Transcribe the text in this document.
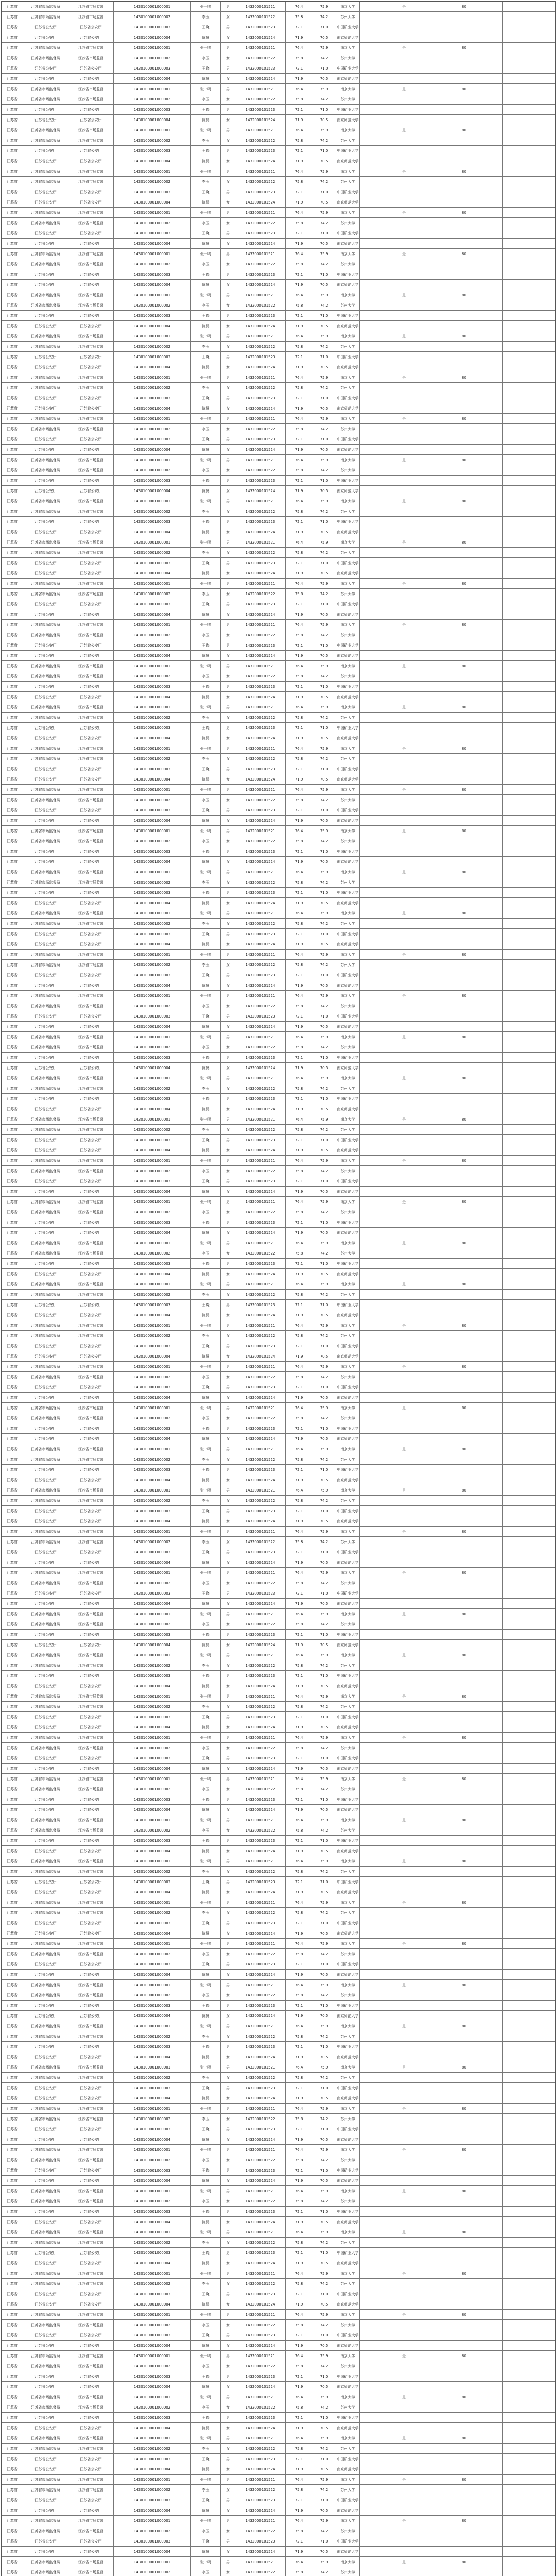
江苏省	江苏省市场监督局	江苏省市场监督	1430100001000001	张一鸣	男	1432000101521	76.4	75.9	南京大学	是	80
江苏省	江苏省市场监督局	江苏省市场监督	1430100001000002	李玉	女	1432000101522	75.8	74.2	苏州大学
江苏省	江苏省公安厅	江苏省公安厅	1430100001000003	王晓	男	1432000101523	72.1	71.0	中国矿业大学
江苏省	江苏省公安厅	江苏省公安厅	1430100001000004	陈晨	女	1432000101524	71.9	70.5	南京师范大学
江苏省	江苏省市场监督局	江苏省市场监督	1430100001000001	张一鸣	男	1432000101521	76.4	75.9	南京大学	是	80
江苏省	江苏省市场监督局	江苏省市场监督	1430100001000002	李玉	女	1432000101522	75.8	74.2	苏州大学
江苏省	江苏省公安厅	江苏省公安厅	1430100001000003	王晓	男	1432000101523	72.1	71.0	中国矿业大学
江苏省	江苏省公安厅	江苏省公安厅	1430100001000004	陈晨	女	1432000101524	71.9	70.5	南京师范大学
江苏省	江苏省市场监督局	江苏省市场监督	1430100001000001	张一鸣	男	1432000101521	76.4	75.9	南京大学	是	80
江苏省	江苏省市场监督局	江苏省市场监督	1430100001000002	李玉	女	1432000101522	75.8	74.2	苏州大学
江苏省	江苏省公安厅	江苏省公安厅	1430100001000003	王晓	男	1432000101523	72.1	71.0	中国矿业大学
江苏省	江苏省公安厅	江苏省公安厅	1430100001000004	陈晨	女	1432000101524	71.9	70.5	南京师范大学
江苏省	江苏省市场监督局	江苏省市场监督	1430100001000001	张一鸣	男	1432000101521	76.4	75.9	南京大学	是	80
江苏省	江苏省市场监督局	江苏省市场监督	1430100001000002	李玉	女	1432000101522	75.8	74.2	苏州大学
江苏省	江苏省公安厅	江苏省公安厅	1430100001000003	王晓	男	1432000101523	72.1	71.0	中国矿业大学
江苏省	江苏省公安厅	江苏省公安厅	1430100001000004	陈晨	女	1432000101524	71.9	70.5	南京师范大学
江苏省	江苏省市场监督局	江苏省市场监督	1430100001000001	张一鸣	男	1432000101521	76.4	75.9	南京大学	是	80
江苏省	江苏省市场监督局	江苏省市场监督	1430100001000002	李玉	女	1432000101522	75.8	74.2	苏州大学
江苏省	江苏省公安厅	江苏省公安厅	1430100001000003	王晓	男	1432000101523	72.1	71.0	中国矿业大学
江苏省	江苏省公安厅	江苏省公安厅	1430100001000004	陈晨	女	1432000101524	71.9	70.5	南京师范大学
江苏省	江苏省市场监督局	江苏省市场监督	1430100001000001	张一鸣	男	1432000101521	76.4	75.9	南京大学	是	80
江苏省	江苏省市场监督局	江苏省市场监督	1430100001000002	李玉	女	1432000101522	75.8	74.2	苏州大学
江苏省	江苏省公安厅	江苏省公安厅	1430100001000003	王晓	男	1432000101523	72.1	71.0	中国矿业大学
江苏省	江苏省公安厅	江苏省公安厅	1430100001000004	陈晨	女	1432000101524	71.9	70.5	南京师范大学
江苏省	江苏省市场监督局	江苏省市场监督	1430100001000001	张一鸣	男	1432000101521	76.4	75.9	南京大学	是	80
江苏省	江苏省市场监督局	江苏省市场监督	1430100001000002	李玉	女	1432000101522	75.8	74.2	苏州大学
江苏省	江苏省公安厅	江苏省公安厅	1430100001000003	王晓	男	1432000101523	72.1	71.0	中国矿业大学
江苏省	江苏省公安厅	江苏省公安厅	1430100001000004	陈晨	女	1432000101524	71.9	70.5	南京师范大学
江苏省	江苏省市场监督局	江苏省市场监督	1430100001000001	张一鸣	男	1432000101521	76.4	75.9	南京大学	是	80
江苏省	江苏省市场监督局	江苏省市场监督	1430100001000002	李玉	女	1432000101522	75.8	74.2	苏州大学
江苏省	江苏省公安厅	江苏省公安厅	1430100001000003	王晓	男	1432000101523	72.1	71.0	中国矿业大学
江苏省	江苏省公安厅	江苏省公安厅	1430100001000004	陈晨	女	1432000101524	71.9	70.5	南京师范大学
江苏省	江苏省市场监督局	江苏省市场监督	1430100001000001	张一鸣	男	1432000101521	76.4	75.9	南京大学	是	80
江苏省	江苏省市场监督局	江苏省市场监督	1430100001000002	李玉	女	1432000101522	75.8	74.2	苏州大学
江苏省	江苏省公安厅	江苏省公安厅	1430100001000003	王晓	男	1432000101523	72.1	71.0	中国矿业大学
江苏省	江苏省公安厅	江苏省公安厅	1430100001000004	陈晨	女	1432000101524	71.9	70.5	南京师范大学
江苏省	江苏省市场监督局	江苏省市场监督	1430100001000001	张一鸣	男	1432000101521	76.4	75.9	南京大学	是	80
江苏省	江苏省市场监督局	江苏省市场监督	1430100001000002	李玉	女	1432000101522	75.8	74.2	苏州大学
江苏省	江苏省公安厅	江苏省公安厅	1430100001000003	王晓	男	1432000101523	72.1	71.0	中国矿业大学
江苏省	江苏省公安厅	江苏省公安厅	1430100001000004	陈晨	女	1432000101524	71.9	70.5	南京师范大学
江苏省	江苏省市场监督局	江苏省市场监督	1430100001000001	张一鸣	男	1432000101521	76.4	75.9	南京大学	是	80
江苏省	江苏省市场监督局	江苏省市场监督	1430100001000002	李玉	女	1432000101522	75.8	74.2	苏州大学
江苏省	江苏省公安厅	江苏省公安厅	1430100001000003	王晓	男	1432000101523	72.1	71.0	中国矿业大学
江苏省	江苏省公安厅	江苏省公安厅	1430100001000004	陈晨	女	1432000101524	71.9	70.5	南京师范大学
江苏省	江苏省市场监督局	江苏省市场监督	1430100001000001	张一鸣	男	1432000101521	76.4	75.9	南京大学	是	80
江苏省	江苏省市场监督局	江苏省市场监督	1430100001000002	李玉	女	1432000101522	75.8	74.2	苏州大学
江苏省	江苏省公安厅	江苏省公安厅	1430100001000003	王晓	男	1432000101523	72.1	71.0	中国矿业大学
江苏省	江苏省公安厅	江苏省公安厅	1430100001000004	陈晨	女	1432000101524	71.9	70.5	南京师范大学
江苏省	江苏省市场监督局	江苏省市场监督	1430100001000001	张一鸣	男	1432000101521	76.4	75.9	南京大学	是	80
江苏省	江苏省市场监督局	江苏省市场监督	1430100001000002	李玉	女	1432000101522	75.8	74.2	苏州大学
江苏省	江苏省公安厅	江苏省公安厅	1430100001000003	王晓	男	1432000101523	72.1	71.0	中国矿业大学
江苏省	江苏省公安厅	江苏省公安厅	1430100001000004	陈晨	女	1432000101524	71.9	70.5	南京师范大学
江苏省	江苏省市场监督局	江苏省市场监督	1430100001000001	张一鸣	男	1432000101521	76.4	75.9	南京大学	是	80
江苏省	江苏省市场监督局	江苏省市场监督	1430100001000002	李玉	女	1432000101522	75.8	74.2	苏州大学
江苏省	江苏省公安厅	江苏省公安厅	1430100001000003	王晓	男	1432000101523	72.1	71.0	中国矿业大学
江苏省	江苏省公安厅	江苏省公安厅	1430100001000004	陈晨	女	1432000101524	71.9	70.5	南京师范大学
江苏省	江苏省市场监督局	江苏省市场监督	1430100001000001	张一鸣	男	1432000101521	76.4	75.9	南京大学	是	80
江苏省	江苏省市场监督局	江苏省市场监督	1430100001000002	李玉	女	1432000101522	75.8	74.2	苏州大学
江苏省	江苏省公安厅	江苏省公安厅	1430100001000003	王晓	男	1432000101523	72.1	71.0	中国矿业大学
江苏省	江苏省公安厅	江苏省公安厅	1430100001000004	陈晨	女	1432000101524	71.9	70.5	南京师范大学
江苏省	江苏省市场监督局	江苏省市场监督	1430100001000001	张一鸣	男	1432000101521	76.4	75.9	南京大学	是	80
江苏省	江苏省市场监督局	江苏省市场监督	1430100001000002	李玉	女	1432000101522	75.8	74.2	苏州大学
江苏省	江苏省公安厅	江苏省公安厅	1430100001000003	王晓	男	1432000101523	72.1	71.0	中国矿业大学
江苏省	江苏省公安厅	江苏省公安厅	1430100001000004	陈晨	女	1432000101524	71.9	70.5	南京师范大学
江苏省	江苏省市场监督局	江苏省市场监督	1430100001000001	张一鸣	男	1432000101521	76.4	75.9	南京大学	是	80
江苏省	江苏省市场监督局	江苏省市场监督	1430100001000002	李玉	女	1432000101522	75.8	74.2	苏州大学
江苏省	江苏省公安厅	江苏省公安厅	1430100001000003	王晓	男	1432000101523	72.1	71.0	中国矿业大学
江苏省	江苏省公安厅	江苏省公安厅	1430100001000004	陈晨	女	1432000101524	71.9	70.5	南京师范大学
江苏省	江苏省市场监督局	江苏省市场监督	1430100001000001	张一鸣	男	1432000101521	76.4	75.9	南京大学	是	80
江苏省	江苏省市场监督局	江苏省市场监督	1430100001000002	李玉	女	1432000101522	75.8	74.2	苏州大学
江苏省	江苏省公安厅	江苏省公安厅	1430100001000003	王晓	男	1432000101523	72.1	71.0	中国矿业大学
江苏省	江苏省公安厅	江苏省公安厅	1430100001000004	陈晨	女	1432000101524	71.9	70.5	南京师范大学
江苏省	江苏省市场监督局	江苏省市场监督	1430100001000001	张一鸣	男	1432000101521	76.4	75.9	南京大学	是	80
江苏省	江苏省市场监督局	江苏省市场监督	1430100001000002	李玉	女	1432000101522	75.8	74.2	苏州大学
江苏省	江苏省公安厅	江苏省公安厅	1430100001000003	王晓	男	1432000101523	72.1	71.0	中国矿业大学
江苏省	江苏省公安厅	江苏省公安厅	1430100001000004	陈晨	女	1432000101524	71.9	70.5	南京师范大学
江苏省	江苏省市场监督局	江苏省市场监督	1430100001000001	张一鸣	男	1432000101521	76.4	75.9	南京大学	是	80
江苏省	江苏省市场监督局	江苏省市场监督	1430100001000002	李玉	女	1432000101522	75.8	74.2	苏州大学
江苏省	江苏省公安厅	江苏省公安厅	1430100001000003	王晓	男	1432000101523	72.1	71.0	中国矿业大学
江苏省	江苏省公安厅	江苏省公安厅	1430100001000004	陈晨	女	1432000101524	71.9	70.5	南京师范大学
江苏省	江苏省市场监督局	江苏省市场监督	1430100001000001	张一鸣	男	1432000101521	76.4	75.9	南京大学	是	80
江苏省	江苏省市场监督局	江苏省市场监督	1430100001000002	李玉	女	1432000101522	75.8	74.2	苏州大学
江苏省	江苏省公安厅	江苏省公安厅	1430100001000003	王晓	男	1432000101523	72.1	71.0	中国矿业大学
江苏省	江苏省公安厅	江苏省公安厅	1430100001000004	陈晨	女	1432000101524	71.9	70.5	南京师范大学
江苏省	江苏省市场监督局	江苏省市场监督	1430100001000001	张一鸣	男	1432000101521	76.4	75.9	南京大学	是	80
江苏省	江苏省市场监督局	江苏省市场监督	1430100001000002	李玉	女	1432000101522	75.8	74.2	苏州大学
江苏省	江苏省公安厅	江苏省公安厅	1430100001000003	王晓	男	1432000101523	72.1	71.0	中国矿业大学
江苏省	江苏省公安厅	江苏省公安厅	1430100001000004	陈晨	女	1432000101524	71.9	70.5	南京师范大学
江苏省	江苏省市场监督局	江苏省市场监督	1430100001000001	张一鸣	男	1432000101521	76.4	75.9	南京大学	是	80
江苏省	江苏省市场监督局	江苏省市场监督	1430100001000002	李玉	女	1432000101522	75.8	74.2	苏州大学
江苏省	江苏省公安厅	江苏省公安厅	1430100001000003	王晓	男	1432000101523	72.1	71.0	中国矿业大学
江苏省	江苏省公安厅	江苏省公安厅	1430100001000004	陈晨	女	1432000101524	71.9	70.5	南京师范大学
江苏省	江苏省市场监督局	江苏省市场监督	1430100001000001	张一鸣	男	1432000101521	76.4	75.9	南京大学	是	80
江苏省	江苏省市场监督局	江苏省市场监督	1430100001000002	李玉	女	1432000101522	75.8	74.2	苏州大学
江苏省	江苏省公安厅	江苏省公安厅	1430100001000003	王晓	男	1432000101523	72.1	71.0	中国矿业大学
江苏省	江苏省公安厅	江苏省公安厅	1430100001000004	陈晨	女	1432000101524	71.9	70.5	南京师范大学
江苏省	江苏省市场监督局	江苏省市场监督	1430100001000001	张一鸣	男	1432000101521	76.4	75.9	南京大学	是	80
江苏省	江苏省市场监督局	江苏省市场监督	1430100001000002	李玉	女	1432000101522	75.8	74.2	苏州大学
江苏省	江苏省公安厅	江苏省公安厅	1430100001000003	王晓	男	1432000101523	72.1	71.0	中国矿业大学
江苏省	江苏省公安厅	江苏省公安厅	1430100001000004	陈晨	女	1432000101524	71.9	70.5	南京师范大学
江苏省	江苏省市场监督局	江苏省市场监督	1430100001000001	张一鸣	男	1432000101521	76.4	75.9	南京大学	是	80
江苏省	江苏省市场监督局	江苏省市场监督	1430100001000002	李玉	女	1432000101522	75.8	74.2	苏州大学
江苏省	江苏省公安厅	江苏省公安厅	1430100001000003	王晓	男	1432000101523	72.1	71.0	中国矿业大学
江苏省	江苏省公安厅	江苏省公安厅	1430100001000004	陈晨	女	1432000101524	71.9	70.5	南京师范大学
江苏省	江苏省市场监督局	江苏省市场监督	1430100001000001	张一鸣	男	1432000101521	76.4	75.9	南京大学	是	80
江苏省	江苏省市场监督局	江苏省市场监督	1430100001000002	李玉	女	1432000101522	75.8	74.2	苏州大学
江苏省	江苏省公安厅	江苏省公安厅	1430100001000003	王晓	男	1432000101523	72.1	71.0	中国矿业大学
江苏省	江苏省公安厅	江苏省公安厅	1430100001000004	陈晨	女	1432000101524	71.9	70.5	南京师范大学
江苏省	江苏省市场监督局	江苏省市场监督	1430100001000001	张一鸣	男	1432000101521	76.4	75.9	南京大学	是	80
江苏省	江苏省市场监督局	江苏省市场监督	1430100001000002	李玉	女	1432000101522	75.8	74.2	苏州大学
江苏省	江苏省公安厅	江苏省公安厅	1430100001000003	王晓	男	1432000101523	72.1	71.0	中国矿业大学
江苏省	江苏省公安厅	江苏省公安厅	1430100001000004	陈晨	女	1432000101524	71.9	70.5	南京师范大学
江苏省	江苏省市场监督局	江苏省市场监督	1430100001000001	张一鸣	男	1432000101521	76.4	75.9	南京大学	是	80
江苏省	江苏省市场监督局	江苏省市场监督	1430100001000002	李玉	女	1432000101522	75.8	74.2	苏州大学
江苏省	江苏省公安厅	江苏省公安厅	1430100001000003	王晓	男	1432000101523	72.1	71.0	中国矿业大学
江苏省	江苏省公安厅	江苏省公安厅	1430100001000004	陈晨	女	1432000101524	71.9	70.5	南京师范大学
江苏省	江苏省市场监督局	江苏省市场监督	1430100001000001	张一鸣	男	1432000101521	76.4	75.9	南京大学	是	80
江苏省	江苏省市场监督局	江苏省市场监督	1430100001000002	李玉	女	1432000101522	75.8	74.2	苏州大学
江苏省	江苏省公安厅	江苏省公安厅	1430100001000003	王晓	男	1432000101523	72.1	71.0	中国矿业大学
江苏省	江苏省公安厅	江苏省公安厅	1430100001000004	陈晨	女	1432000101524	71.9	70.5	南京师范大学
江苏省	江苏省市场监督局	江苏省市场监督	1430100001000001	张一鸣	男	1432000101521	76.4	75.9	南京大学	是	80
江苏省	江苏省市场监督局	江苏省市场监督	1430100001000002	李玉	女	1432000101522	75.8	74.2	苏州大学
江苏省	江苏省公安厅	江苏省公安厅	1430100001000003	王晓	男	1432000101523	72.1	71.0	中国矿业大学
江苏省	江苏省公安厅	江苏省公安厅	1430100001000004	陈晨	女	1432000101524	71.9	70.5	南京师范大学
江苏省	江苏省市场监督局	江苏省市场监督	1430100001000001	张一鸣	男	1432000101521	76.4	75.9	南京大学	是	80
江苏省	江苏省市场监督局	江苏省市场监督	1430100001000002	李玉	女	1432000101522	75.8	74.2	苏州大学
江苏省	江苏省公安厅	江苏省公安厅	1430100001000003	王晓	男	1432000101523	72.1	71.0	中国矿业大学
江苏省	江苏省公安厅	江苏省公安厅	1430100001000004	陈晨	女	1432000101524	71.9	70.5	南京师范大学
江苏省	江苏省市场监督局	江苏省市场监督	1430100001000001	张一鸣	男	1432000101521	76.4	75.9	南京大学	是	80
江苏省	江苏省市场监督局	江苏省市场监督	1430100001000002	李玉	女	1432000101522	75.8	74.2	苏州大学
江苏省	江苏省公安厅	江苏省公安厅	1430100001000003	王晓	男	1432000101523	72.1	71.0	中国矿业大学
江苏省	江苏省公安厅	江苏省公安厅	1430100001000004	陈晨	女	1432000101524	71.9	70.5	南京师范大学
江苏省	江苏省市场监督局	江苏省市场监督	1430100001000001	张一鸣	男	1432000101521	76.4	75.9	南京大学	是	80
江苏省	江苏省市场监督局	江苏省市场监督	1430100001000002	李玉	女	1432000101522	75.8	74.2	苏州大学
江苏省	江苏省公安厅	江苏省公安厅	1430100001000003	王晓	男	1432000101523	72.1	71.0	中国矿业大学
江苏省	江苏省公安厅	江苏省公安厅	1430100001000004	陈晨	女	1432000101524	71.9	70.5	南京师范大学
江苏省	江苏省市场监督局	江苏省市场监督	1430100001000001	张一鸣	男	1432000101521	76.4	75.9	南京大学	是	80
江苏省	江苏省市场监督局	江苏省市场监督	1430100001000002	李玉	女	1432000101522	75.8	74.2	苏州大学
江苏省	江苏省公安厅	江苏省公安厅	1430100001000003	王晓	男	1432000101523	72.1	71.0	中国矿业大学
江苏省	江苏省公安厅	江苏省公安厅	1430100001000004	陈晨	女	1432000101524	71.9	70.5	南京师范大学
江苏省	江苏省市场监督局	江苏省市场监督	1430100001000001	张一鸣	男	1432000101521	76.4	75.9	南京大学	是	80
江苏省	江苏省市场监督局	江苏省市场监督	1430100001000002	李玉	女	1432000101522	75.8	74.2	苏州大学
江苏省	江苏省公安厅	江苏省公安厅	1430100001000003	王晓	男	1432000101523	72.1	71.0	中国矿业大学
江苏省	江苏省公安厅	江苏省公安厅	1430100001000004	陈晨	女	1432000101524	71.9	70.5	南京师范大学
江苏省	江苏省市场监督局	江苏省市场监督	1430100001000001	张一鸣	男	1432000101521	76.4	75.9	南京大学	是	80
江苏省	江苏省市场监督局	江苏省市场监督	1430100001000002	李玉	女	1432000101522	75.8	74.2	苏州大学
江苏省	江苏省公安厅	江苏省公安厅	1430100001000003	王晓	男	1432000101523	72.1	71.0	中国矿业大学
江苏省	江苏省公安厅	江苏省公安厅	1430100001000004	陈晨	女	1432000101524	71.9	70.5	南京师范大学
江苏省	江苏省市场监督局	江苏省市场监督	1430100001000001	张一鸣	男	1432000101521	76.4	75.9	南京大学	是	80
江苏省	江苏省市场监督局	江苏省市场监督	1430100001000002	李玉	女	1432000101522	75.8	74.2	苏州大学
江苏省	江苏省公安厅	江苏省公安厅	1430100001000003	王晓	男	1432000101523	72.1	71.0	中国矿业大学
江苏省	江苏省公安厅	江苏省公安厅	1430100001000004	陈晨	女	1432000101524	71.9	70.5	南京师范大学
江苏省	江苏省市场监督局	江苏省市场监督	1430100001000001	张一鸣	男	1432000101521	76.4	75.9	南京大学	是	80
江苏省	江苏省市场监督局	江苏省市场监督	1430100001000002	李玉	女	1432000101522	75.8	74.2	苏州大学
江苏省	江苏省公安厅	江苏省公安厅	1430100001000003	王晓	男	1432000101523	72.1	71.0	中国矿业大学
江苏省	江苏省公安厅	江苏省公安厅	1430100001000004	陈晨	女	1432000101524	71.9	70.5	南京师范大学
江苏省	江苏省市场监督局	江苏省市场监督	1430100001000001	张一鸣	男	1432000101521	76.4	75.9	南京大学	是	80
江苏省	江苏省市场监督局	江苏省市场监督	1430100001000002	李玉	女	1432000101522	75.8	74.2	苏州大学
江苏省	江苏省公安厅	江苏省公安厅	1430100001000003	王晓	男	1432000101523	72.1	71.0	中国矿业大学
江苏省	江苏省公安厅	江苏省公安厅	1430100001000004	陈晨	女	1432000101524	71.9	70.5	南京师范大学
江苏省	江苏省市场监督局	江苏省市场监督	1430100001000001	张一鸣	男	1432000101521	76.4	75.9	南京大学	是	80
江苏省	江苏省市场监督局	江苏省市场监督	1430100001000002	李玉	女	1432000101522	75.8	74.2	苏州大学
江苏省	江苏省公安厅	江苏省公安厅	1430100001000003	王晓	男	1432000101523	72.1	71.0	中国矿业大学
江苏省	江苏省公安厅	江苏省公安厅	1430100001000004	陈晨	女	1432000101524	71.9	70.5	南京师范大学
江苏省	江苏省市场监督局	江苏省市场监督	1430100001000001	张一鸣	男	1432000101521	76.4	75.9	南京大学	是	80
江苏省	江苏省市场监督局	江苏省市场监督	1430100001000002	李玉	女	1432000101522	75.8	74.2	苏州大学
江苏省	江苏省公安厅	江苏省公安厅	1430100001000003	王晓	男	1432000101523	72.1	71.0	中国矿业大学
江苏省	江苏省公安厅	江苏省公安厅	1430100001000004	陈晨	女	1432000101524	71.9	70.5	南京师范大学
江苏省	江苏省市场监督局	江苏省市场监督	1430100001000001	张一鸣	男	1432000101521	76.4	75.9	南京大学	是	80
江苏省	江苏省市场监督局	江苏省市场监督	1430100001000002	李玉	女	1432000101522	75.8	74.2	苏州大学
江苏省	江苏省公安厅	江苏省公安厅	1430100001000003	王晓	男	1432000101523	72.1	71.0	中国矿业大学
江苏省	江苏省公安厅	江苏省公安厅	1430100001000004	陈晨	女	1432000101524	71.9	70.5	南京师范大学
江苏省	江苏省市场监督局	江苏省市场监督	1430100001000001	张一鸣	男	1432000101521	76.4	75.9	南京大学	是	80
江苏省	江苏省市场监督局	江苏省市场监督	1430100001000002	李玉	女	1432000101522	75.8	74.2	苏州大学
江苏省	江苏省公安厅	江苏省公安厅	1430100001000003	王晓	男	1432000101523	72.1	71.0	中国矿业大学
江苏省	江苏省公安厅	江苏省公安厅	1430100001000004	陈晨	女	1432000101524	71.9	70.5	南京师范大学
江苏省	江苏省市场监督局	江苏省市场监督	1430100001000001	张一鸣	男	1432000101521	76.4	75.9	南京大学	是	80
江苏省	江苏省市场监督局	江苏省市场监督	1430100001000002	李玉	女	1432000101522	75.8	74.2	苏州大学
江苏省	江苏省公安厅	江苏省公安厅	1430100001000003	王晓	男	1432000101523	72.1	71.0	中国矿业大学
江苏省	江苏省公安厅	江苏省公安厅	1430100001000004	陈晨	女	1432000101524	71.9	70.5	南京师范大学
江苏省	江苏省市场监督局	江苏省市场监督	1430100001000001	张一鸣	男	1432000101521	76.4	75.9	南京大学	是	80
江苏省	江苏省市场监督局	江苏省市场监督	1430100001000002	李玉	女	1432000101522	75.8	74.2	苏州大学
江苏省	江苏省公安厅	江苏省公安厅	1430100001000003	王晓	男	1432000101523	72.1	71.0	中国矿业大学
江苏省	江苏省公安厅	江苏省公安厅	1430100001000004	陈晨	女	1432000101524	71.9	70.5	南京师范大学
江苏省	江苏省市场监督局	江苏省市场监督	1430100001000001	张一鸣	男	1432000101521	76.4	75.9	南京大学	是	80
江苏省	江苏省市场监督局	江苏省市场监督	1430100001000002	李玉	女	1432000101522	75.8	74.2	苏州大学
江苏省	江苏省公安厅	江苏省公安厅	1430100001000003	王晓	男	1432000101523	72.1	71.0	中国矿业大学
江苏省	江苏省公安厅	江苏省公安厅	1430100001000004	陈晨	女	1432000101524	71.9	70.5	南京师范大学
江苏省	江苏省市场监督局	江苏省市场监督	1430100001000001	张一鸣	男	1432000101521	76.4	75.9	南京大学	是	80
江苏省	江苏省市场监督局	江苏省市场监督	1430100001000002	李玉	女	1432000101522	75.8	74.2	苏州大学
江苏省	江苏省公安厅	江苏省公安厅	1430100001000003	王晓	男	1432000101523	72.1	71.0	中国矿业大学
江苏省	江苏省公安厅	江苏省公安厅	1430100001000004	陈晨	女	1432000101524	71.9	70.5	南京师范大学
江苏省	江苏省市场监督局	江苏省市场监督	1430100001000001	张一鸣	男	1432000101521	76.4	75.9	南京大学	是	80
江苏省	江苏省市场监督局	江苏省市场监督	1430100001000002	李玉	女	1432000101522	75.8	74.2	苏州大学
江苏省	江苏省公安厅	江苏省公安厅	1430100001000003	王晓	男	1432000101523	72.1	71.0	中国矿业大学
江苏省	江苏省公安厅	江苏省公安厅	1430100001000004	陈晨	女	1432000101524	71.9	70.5	南京师范大学
江苏省	江苏省市场监督局	江苏省市场监督	1430100001000001	张一鸣	男	1432000101521	76.4	75.9	南京大学	是	80
江苏省	江苏省市场监督局	江苏省市场监督	1430100001000002	李玉	女	1432000101522	75.8	74.2	苏州大学
江苏省	江苏省公安厅	江苏省公安厅	1430100001000003	王晓	男	1432000101523	72.1	71.0	中国矿业大学
江苏省	江苏省公安厅	江苏省公安厅	1430100001000004	陈晨	女	1432000101524	71.9	70.5	南京师范大学
江苏省	江苏省市场监督局	江苏省市场监督	1430100001000001	张一鸣	男	1432000101521	76.4	75.9	南京大学	是	80
江苏省	江苏省市场监督局	江苏省市场监督	1430100001000002	李玉	女	1432000101522	75.8	74.2	苏州大学
江苏省	江苏省公安厅	江苏省公安厅	1430100001000003	王晓	男	1432000101523	72.1	71.0	中国矿业大学
江苏省	江苏省公安厅	江苏省公安厅	1430100001000004	陈晨	女	1432000101524	71.9	70.5	南京师范大学
江苏省	江苏省市场监督局	江苏省市场监督	1430100001000001	张一鸣	男	1432000101521	76.4	75.9	南京大学	是	80
江苏省	江苏省市场监督局	江苏省市场监督	1430100001000002	李玉	女	1432000101522	75.8	74.2	苏州大学
江苏省	江苏省公安厅	江苏省公安厅	1430100001000003	王晓	男	1432000101523	72.1	71.0	中国矿业大学
江苏省	江苏省公安厅	江苏省公安厅	1430100001000004	陈晨	女	1432000101524	71.9	70.5	南京师范大学
江苏省	江苏省市场监督局	江苏省市场监督	1430100001000001	张一鸣	男	1432000101521	76.4	75.9	南京大学	是	80
江苏省	江苏省市场监督局	江苏省市场监督	1430100001000002	李玉	女	1432000101522	75.8	74.2	苏州大学
江苏省	江苏省公安厅	江苏省公安厅	1430100001000003	王晓	男	1432000101523	72.1	71.0	中国矿业大学
江苏省	江苏省公安厅	江苏省公安厅	1430100001000004	陈晨	女	1432000101524	71.9	70.5	南京师范大学
江苏省	江苏省市场监督局	江苏省市场监督	1430100001000001	张一鸣	男	1432000101521	76.4	75.9	南京大学	是	80
江苏省	江苏省市场监督局	江苏省市场监督	1430100001000002	李玉	女	1432000101522	75.8	74.2	苏州大学
江苏省	江苏省公安厅	江苏省公安厅	1430100001000003	王晓	男	1432000101523	72.1	71.0	中国矿业大学
江苏省	江苏省公安厅	江苏省公安厅	1430100001000004	陈晨	女	1432000101524	71.9	70.5	南京师范大学
江苏省	江苏省市场监督局	江苏省市场监督	1430100001000001	张一鸣	男	1432000101521	76.4	75.9	南京大学	是	80
江苏省	江苏省市场监督局	江苏省市场监督	1430100001000002	李玉	女	1432000101522	75.8	74.2	苏州大学
江苏省	江苏省公安厅	江苏省公安厅	1430100001000003	王晓	男	1432000101523	72.1	71.0	中国矿业大学
江苏省	江苏省公安厅	江苏省公安厅	1430100001000004	陈晨	女	1432000101524	71.9	70.5	南京师范大学
江苏省	江苏省市场监督局	江苏省市场监督	1430100001000001	张一鸣	男	1432000101521	76.4	75.9	南京大学	是	80
江苏省	江苏省市场监督局	江苏省市场监督	1430100001000002	李玉	女	1432000101522	75.8	74.2	苏州大学
江苏省	江苏省公安厅	江苏省公安厅	1430100001000003	王晓	男	1432000101523	72.1	71.0	中国矿业大学
江苏省	江苏省公安厅	江苏省公安厅	1430100001000004	陈晨	女	1432000101524	71.9	70.5	南京师范大学
江苏省	江苏省市场监督局	江苏省市场监督	1430100001000001	张一鸣	男	1432000101521	76.4	75.9	南京大学	是	80
江苏省	江苏省市场监督局	江苏省市场监督	1430100001000002	李玉	女	1432000101522	75.8	74.2	苏州大学
江苏省	江苏省公安厅	江苏省公安厅	1430100001000003	王晓	男	1432000101523	72.1	71.0	中国矿业大学
江苏省	江苏省公安厅	江苏省公安厅	1430100001000004	陈晨	女	1432000101524	71.9	70.5	南京师范大学
江苏省	江苏省市场监督局	江苏省市场监督	1430100001000001	张一鸣	男	1432000101521	76.4	75.9	南京大学	是	80
江苏省	江苏省市场监督局	江苏省市场监督	1430100001000002	李玉	女	1432000101522	75.8	74.2	苏州大学
江苏省	江苏省公安厅	江苏省公安厅	1430100001000003	王晓	男	1432000101523	72.1	71.0	中国矿业大学
江苏省	江苏省公安厅	江苏省公安厅	1430100001000004	陈晨	女	1432000101524	71.9	70.5	南京师范大学
江苏省	江苏省市场监督局	江苏省市场监督	1430100001000001	张一鸣	男	1432000101521	76.4	75.9	南京大学	是	80
江苏省	江苏省市场监督局	江苏省市场监督	1430100001000002	李玉	女	1432000101522	75.8	74.2	苏州大学
江苏省	江苏省公安厅	江苏省公安厅	1430100001000003	王晓	男	1432000101523	72.1	71.0	中国矿业大学
江苏省	江苏省公安厅	江苏省公安厅	1430100001000004	陈晨	女	1432000101524	71.9	70.5	南京师范大学
江苏省	江苏省市场监督局	江苏省市场监督	1430100001000001	张一鸣	男	1432000101521	76.4	75.9	南京大学	是	80
江苏省	江苏省市场监督局	江苏省市场监督	1430100001000002	李玉	女	1432000101522	75.8	74.2	苏州大学
江苏省	江苏省公安厅	江苏省公安厅	1430100001000003	王晓	男	1432000101523	72.1	71.0	中国矿业大学
江苏省	江苏省公安厅	江苏省公安厅	1430100001000004	陈晨	女	1432000101524	71.9	70.5	南京师范大学
江苏省	江苏省市场监督局	江苏省市场监督	1430100001000001	张一鸣	男	1432000101521	76.4	75.9	南京大学	是	80
江苏省	江苏省市场监督局	江苏省市场监督	1430100001000002	李玉	女	1432000101522	75.8	74.2	苏州大学
江苏省	江苏省公安厅	江苏省公安厅	1430100001000003	王晓	男	1432000101523	72.1	71.0	中国矿业大学
江苏省	江苏省公安厅	江苏省公安厅	1430100001000004	陈晨	女	1432000101524	71.9	70.5	南京师范大学
江苏省	江苏省市场监督局	江苏省市场监督	1430100001000001	张一鸣	男	1432000101521	76.4	75.9	南京大学	是	80
江苏省	江苏省市场监督局	江苏省市场监督	1430100001000002	李玉	女	1432000101522	75.8	74.2	苏州大学
江苏省	江苏省公安厅	江苏省公安厅	1430100001000003	王晓	男	1432000101523	72.1	71.0	中国矿业大学
江苏省	江苏省公安厅	江苏省公安厅	1430100001000004	陈晨	女	1432000101524	71.9	70.5	南京师范大学
江苏省	江苏省市场监督局	江苏省市场监督	1430100001000001	张一鸣	男	1432000101521	76.4	75.9	南京大学	是	80
江苏省	江苏省市场监督局	江苏省市场监督	1430100001000002	李玉	女	1432000101522	75.8	74.2	苏州大学
